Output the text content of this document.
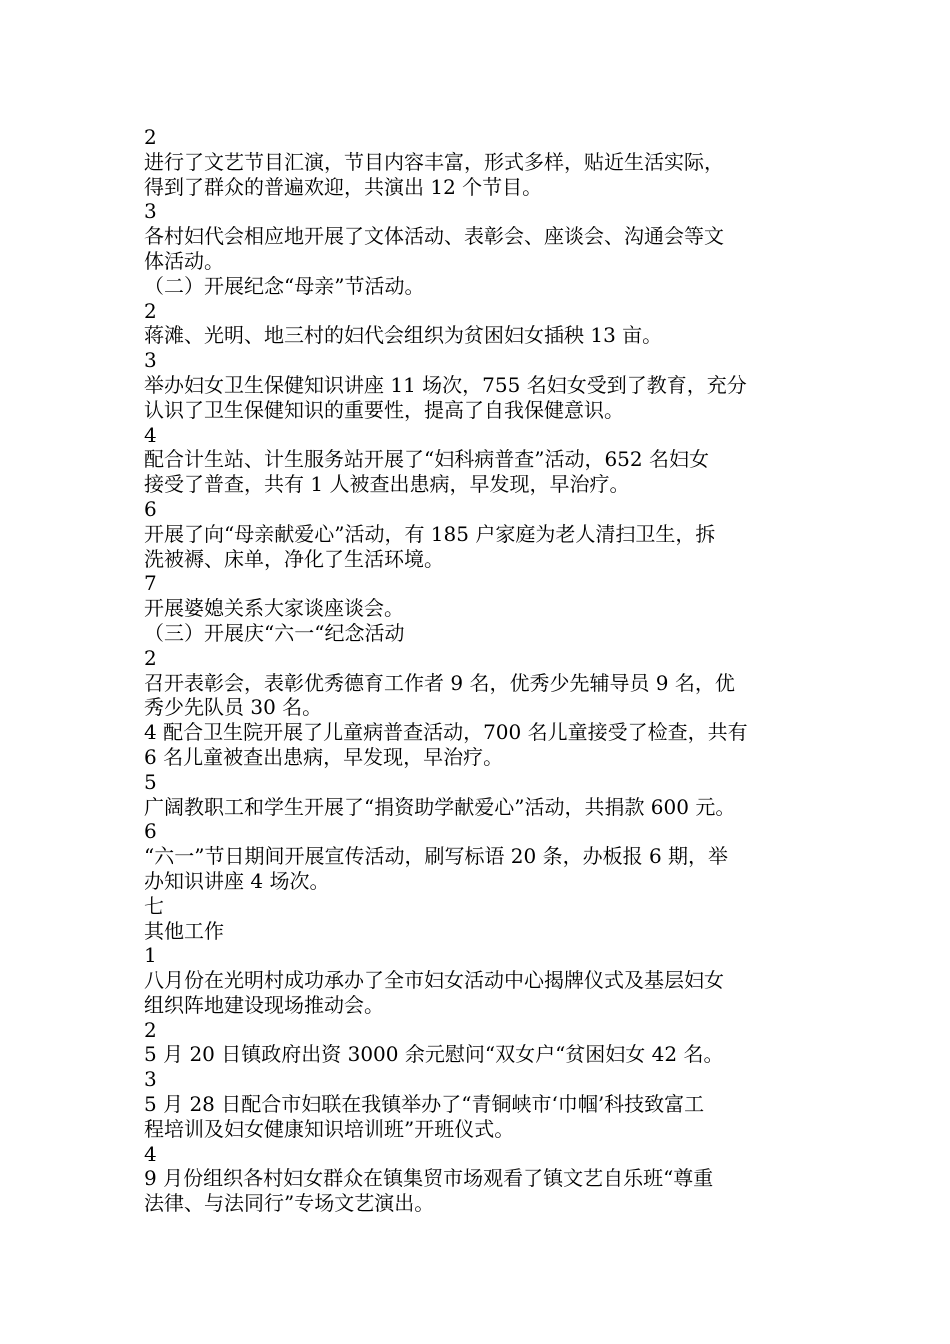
2
进行了文艺节目汇演，节目内容丰富，形式多样，贴近生活实际，
得到了群众的普遍欢迎，共演出 12 个节目。
3
各村妇代会相应地开展了文体活动、表彰会、座谈会、沟通会等文
体活动。
（二）开展纪念“母亲”节活动。
2
蒋滩、光明、地三村的妇代会组织为贫困妇女插秧 13 亩。
3
举办妇女卫生保健知识讲座 11 场次，755 名妇女受到了教育，充分
认识了卫生保健知识的重要性，提高了自我保健意识。
4
配合计生站、计生服务站开展了“妇科病普查”活动，652 名妇女
接受了普查，共有 1 人被查出患病，早发现，早治疗。
6
开展了向“母亲献爱心”活动，有 185 户家庭为老人清扫卫生，拆
洗被褥、床单，净化了生活环境。
7
开展婆媳关系大家谈座谈会。
（三）开展庆“六一“纪念活动
2
召开表彰会，表彰优秀德育工作者 9 名，优秀少先辅导员 9 名，优
秀少先队员 30 名。
4 配合卫生院开展了儿童病普查活动，700 名儿童接受了检查，共有
6 名儿童被查出患病，早发现，早治疗。
5
广阔教职工和学生开展了“捐资助学献爱心”活动，共捐款 600 元。
6
“六一”节日期间开展宣传活动，刷写标语 20 条，办板报 6 期，举
办知识讲座 4 场次。
七
其他工作
1
八月份在光明村成功承办了全市妇女活动中心揭牌仪式及基层妇女
组织阵地建设现场推动会。
2
5 月 20 日镇政府出资 3000 余元慰问“双女户“贫困妇女 42 名。
3
5 月 28 日配合市妇联在我镇举办了“青铜峡市‘巾帼’科技致富工
程培训及妇女健康知识培训班”开班仪式。
4
9 月份组织各村妇女群众在镇集贸市场观看了镇文艺自乐班“尊重
法律、与法同行”专场文艺演出。
